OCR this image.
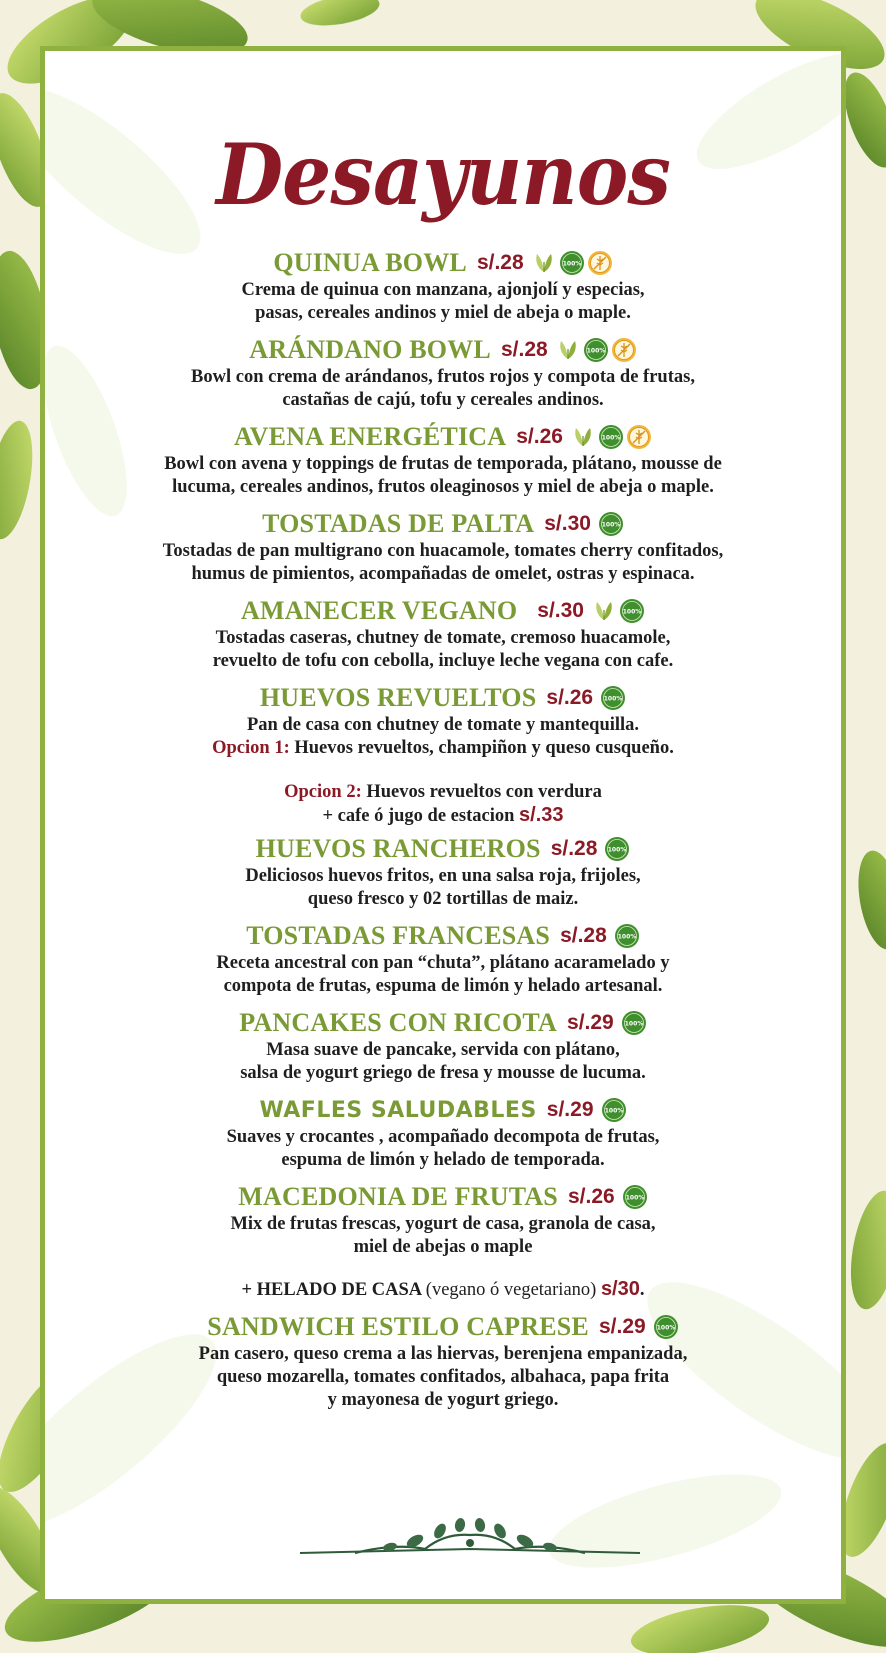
Desayunos
QUINUA BOWL s/.28	100%

Crema de quinua con manzana, ajonjolí y especias,

pasas, cereales andinos y miel de abeja o maple.

ARÁNDANO BOWL s/.28	100%

Bowl con crema de arándanos, frutos rojos y compota de frutas,

castañas de cajú, tofu y cereales andinos.

AVENA ENERGÉTICA s/.26	100%

Bowl con avena y toppings de frutas de temporada, plátano, mousse de

lucuma, cereales andinos, frutos oleaginosos y miel de abeja o maple.

TOSTADAS DE PALTA s/.30 100%

Tostadas de pan multigrano con huacamole, tomates cherry confitados,

humus de pimientos, acompañadas de omelet, ostras y espinaca.

AMANECER VEGANO s/.30	100%

Tostadas caseras, chutney de tomate, cremoso huacamole,

revuelto de tofu con cebolla, incluye leche vegana con cafe.

HUEVOS REVUELTOS s/.26 100%

Pan de casa con chutney de tomate y mantequilla.

Opcion 1: Huevos revueltos, champiñon y queso cusqueño.

Opcion 2: Huevos revueltos con verdura

+ cafe ó jugo de estacion s/.33

HUEVOS RANCHEROS s/.28 100%

Deliciosos huevos fritos, en una salsa roja, frijoles,

queso fresco y 02 tortillas de maiz.

TOSTADAS FRANCESAS s/.28 100%

Receta ancestral con pan “chuta”, plátano acaramelado y

compota de frutas, espuma de limón y helado artesanal.

PANCAKES CON RICOTA s/.29 100%

Masa suave de pancake, servida con plátano,

salsa de yogurt griego de fresa y mousse de lucuma.

WAFLES SALUDABLES s/.29 100%

Suaves y crocantes , acompañado decompota de frutas,

espuma de limón y helado de temporada.

MACEDONIA DE FRUTAS s/.26 100%

Mix de frutas frescas, yogurt de casa, granola de casa,

miel de abejas o maple

+ HELADO DE CASA (vegano ó vegetariano) s/30.

SANDWICH ESTILO CAPRESE s/.29 100%

Pan casero, queso crema a las hiervas, berenjena empanizada,

queso mozarella, tomates confitados, albahaca, papa frita

y mayonesa de yogurt griego.
